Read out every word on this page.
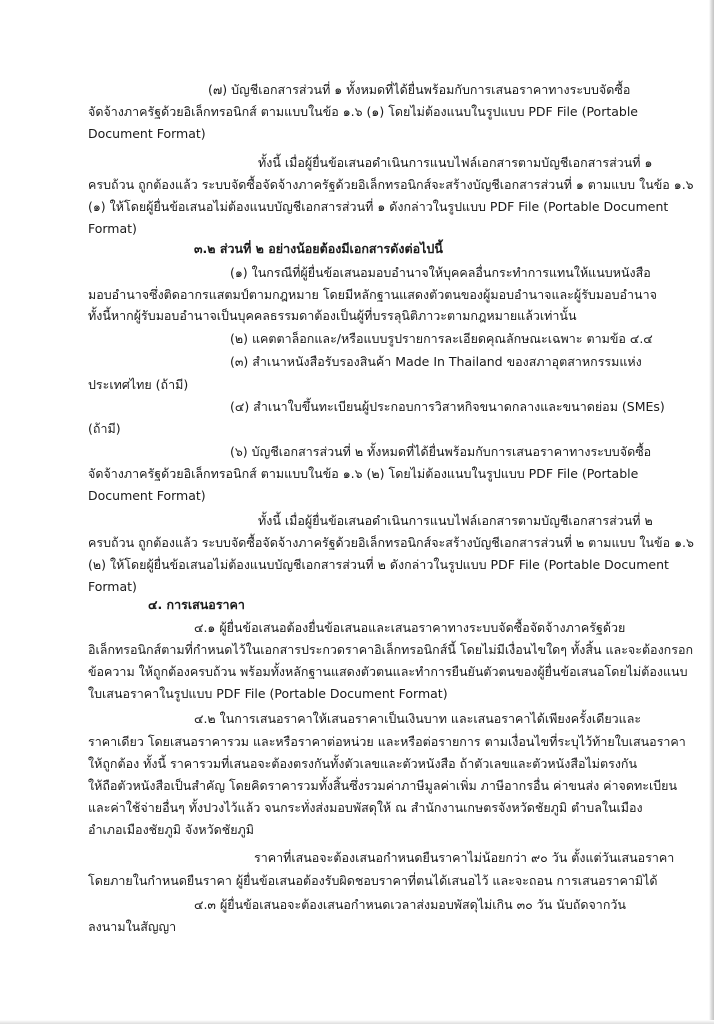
(๗) บัญชีเอกสารส่วนที่ ๑ ทั้งหมดที่ได้ยื่นพร้อมกับการเสนอราคาทางระบบจัดซื้อ
จัดจ้างภาครัฐด้วยอิเล็กทรอนิกส์ ตามแบบในข้อ ๑.๖ (๑) โดยไม่ต้องแนบในรูปแบบ PDF File (Portable
Document Format)
ทั้งนี้ เมื่อผู้ยื่นข้อเสนอดำเนินการแนบไฟล์เอกสารตามบัญชีเอกสารส่วนที่ ๑
ครบถ้วน ถูกต้องแล้ว ระบบจัดซื้อจัดจ้างภาครัฐด้วยอิเล็กทรอนิกส์จะสร้างบัญชีเอกสารส่วนที่ ๑ ตามแบบ ในข้อ ๑.๖
(๑) ให้โดยผู้ยื่นข้อเสนอไม่ต้องแนบบัญชีเอกสารส่วนที่ ๑ ดังกล่าวในรูปแบบ PDF File (Portable Document
Format)
๓.๒ ส่วนที่ ๒ อย่างน้อยต้องมีเอกสารดังต่อไปนี้
(๑) ในกรณีที่ผู้ยื่นข้อเสนอมอบอำนาจให้บุคคลอื่นกระทำการแทนให้แนบหนังสือ
มอบอำนาจซึ่งติดอากรแสตมป์ตามกฎหมาย โดยมีหลักฐานแสดงตัวตนของผู้มอบอำนาจและผู้รับมอบอำนาจ
ทั้งนี้หากผู้รับมอบอำนาจเป็นบุคคลธรรมดาต้องเป็นผู้ที่บรรลุนิติภาวะตามกฎหมายแล้วเท่านั้น
(๒) แคตตาล็อกและ/หรือแบบรูปรายการละเอียดคุณลักษณะเฉพาะ ตามข้อ ๔.๔
(๓) สำเนาหนังสือรับรองสินค้า Made In Thailand ของสภาอุตสาหกรรมแห่ง
ประเทศไทย (ถ้ามี)
(๔) สำเนาใบขึ้นทะเบียนผู้ประกอบการวิสาหกิจขนาดกลางและขนาดย่อม (SMEs)
(ถ้ามี)
(๖) บัญชีเอกสารส่วนที่ ๒ ทั้งหมดที่ได้ยื่นพร้อมกับการเสนอราคาทางระบบจัดซื้อ
จัดจ้างภาครัฐด้วยอิเล็กทรอนิกส์ ตามแบบในข้อ ๑.๖ (๒) โดยไม่ต้องแนบในรูปแบบ PDF File (Portable
Document Format)
ทั้งนี้ เมื่อผู้ยื่นข้อเสนอดำเนินการแนบไฟล์เอกสารตามบัญชีเอกสารส่วนที่ ๒
ครบถ้วน ถูกต้องแล้ว ระบบจัดซื้อจัดจ้างภาครัฐด้วยอิเล็กทรอนิกส์จะสร้างบัญชีเอกสารส่วนที่ ๒ ตามแบบ ในข้อ ๑.๖
(๒) ให้โดยผู้ยื่นข้อเสนอไม่ต้องแนบบัญชีเอกสารส่วนที่ ๒ ดังกล่าวในรูปแบบ PDF File (Portable Document
Format)
๔. การเสนอราคา
๔.๑ ผู้ยื่นข้อเสนอต้องยื่นข้อเสนอและเสนอราคาทางระบบจัดซื้อจัดจ้างภาครัฐด้วย
อิเล็กทรอนิกส์ตามที่กำหนดไว้ในเอกสารประกวดราคาอิเล็กทรอนิกส์นี้ โดยไม่มีเงื่อนไขใดๆ ทั้งสิ้น และจะต้องกรอก
ข้อความ ให้ถูกต้องครบถ้วน พร้อมทั้งหลักฐานแสดงตัวตนและทำการยืนยันตัวตนของผู้ยื่นข้อเสนอโดยไม่ต้องแนบ
ใบเสนอราคาในรูปแบบ PDF File (Portable Document Format)
๔.๒ ในการเสนอราคาให้เสนอราคาเป็นเงินบาท และเสนอราคาได้เพียงครั้งเดียวและ
ราคาเดียว โดยเสนอราคารวม และหรือราคาต่อหน่วย และหรือต่อรายการ ตามเงื่อนไขที่ระบุไว้ท้ายใบเสนอราคา
ให้ถูกต้อง ทั้งนี้ ราคารวมที่เสนอจะต้องตรงกันทั้งตัวเลขและตัวหนังสือ ถ้าตัวเลขและตัวหนังสือไม่ตรงกัน
ให้ถือตัวหนังสือเป็นสำคัญ โดยคิดราคารวมทั้งสิ้นซึ่งรวมค่าภาษีมูลค่าเพิ่ม ภาษีอากรอื่น ค่าขนส่ง ค่าจดทะเบียน
และค่าใช้จ่ายอื่นๆ ทั้งปวงไว้แล้ว จนกระทั่งส่งมอบพัสดุให้ ณ สำนักงานเกษตรจังหวัดชัยภูมิ ตำบลในเมือง
อำเภอเมืองชัยภูมิ จังหวัดชัยภูมิ
ราคาที่เสนอจะต้องเสนอกำหนดยืนราคาไม่น้อยกว่า ๙๐ วัน ตั้งแต่วันเสนอราคา
โดยภายในกำหนดยืนราคา ผู้ยื่นข้อเสนอต้องรับผิดชอบราคาที่ตนได้เสนอไว้ และจะถอน การเสนอราคามิได้
๔.๓ ผู้ยื่นข้อเสนอจะต้องเสนอกำหนดเวลาส่งมอบพัสดุไม่เกิน ๓๐ วัน นับถัดจากวัน
ลงนามในสัญญา
